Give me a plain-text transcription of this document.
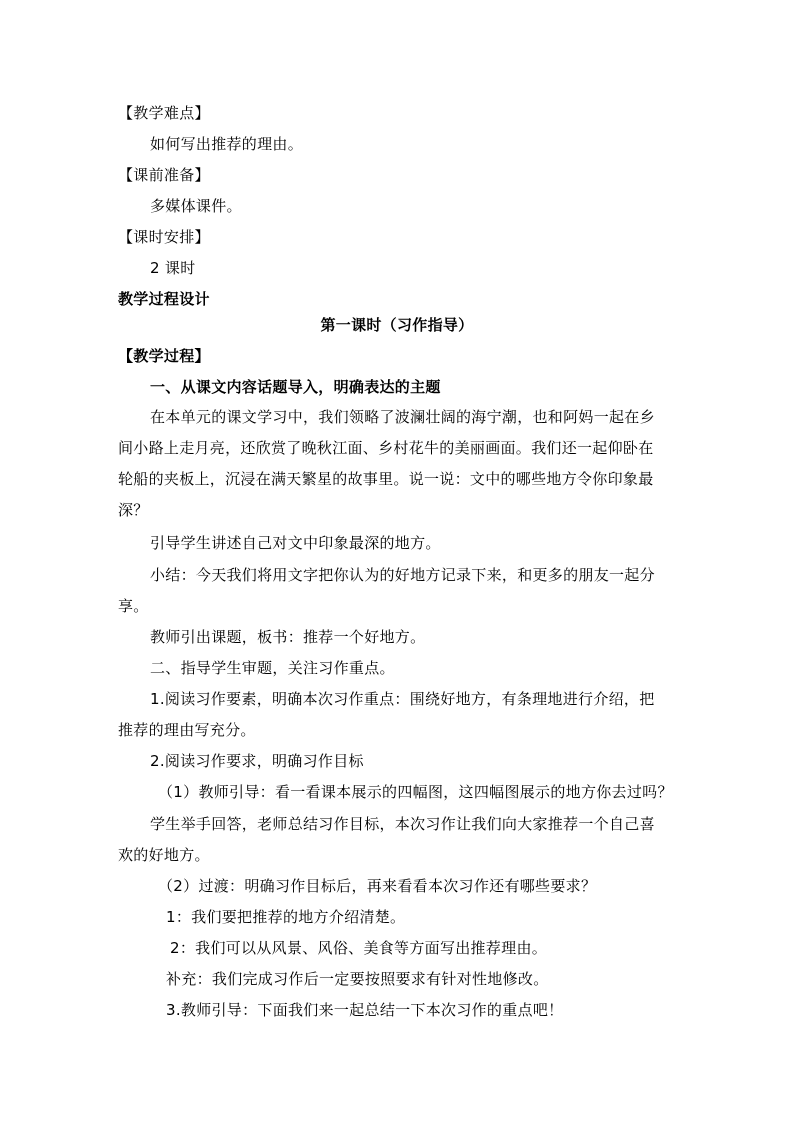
【教学难点】
如何写出推荐的理由。
【课前准备】
多媒体课件。
【课时安排】
2 课时
教学过程设计
第一课时（习作指导）
【教学过程】
一、从课文内容话题导入，明确表达的主题
在本单元的课文学习中，我们领略了波澜壮阔的海宁潮，也和阿妈一起在乡
间小路上走月亮，还欣赏了晚秋江面、乡村花牛的美丽画面。我们还一起仰卧在
轮船的夹板上，沉浸在满天繁星的故事里。说一说：文中的哪些地方令你印象最
深？
引导学生讲述自己对文中印象最深的地方。
小结：今天我们将用文字把你认为的好地方记录下来，和更多的朋友一起分
享。
教师引出课题，板书：推荐一个好地方。
二、指导学生审题，关注习作重点。
1.阅读习作要素，明确本次习作重点：围绕好地方，有条理地进行介绍，把
推荐的理由写充分。
2.阅读习作要求，明确习作目标
（1）教师引导：看一看课本展示的四幅图，这四幅图展示的地方你去过吗？
学生举手回答，老师总结习作目标，本次习作让我们向大家推荐一个自己喜
欢的好地方。
（2）过渡：明确习作目标后，再来看看本次习作还有哪些要求？
1：我们要把推荐的地方介绍清楚。
2：我们可以从风景、风俗、美食等方面写出推荐理由。
补充：我们完成习作后一定要按照要求有针对性地修改。
3.教师引导：下面我们来一起总结一下本次习作的重点吧！
